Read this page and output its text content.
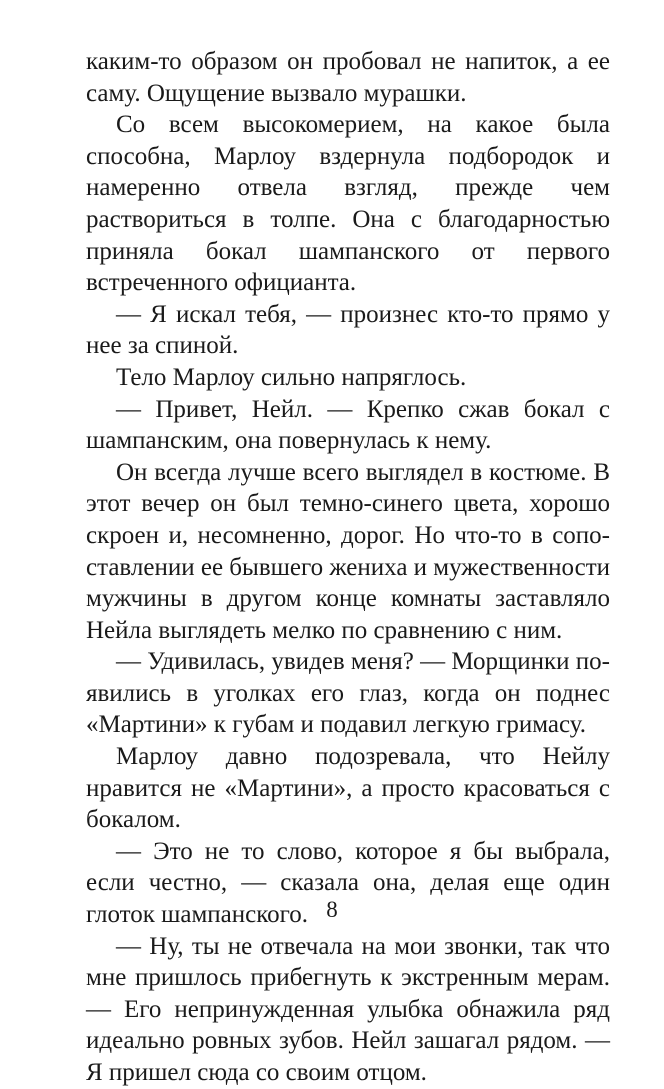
каким-то образом он пробовал не напиток, а ее саму. Ощущение вызвало мурашки.

Со всем высокомерием, на какое была способна, Марлоу вздернула подбородок и намеренно отвела взгляд, прежде чем раствориться в толпе. Она с благодарностью приняла бокал шампанского от первого встреченного официанта.

— Я искал тебя, — произнес кто-то прямо у нее за спиной.

Тело Марлоу сильно напряглось.

— Привет, Нейл. — Крепко сжав бокал с шампанским, она повернулась к нему.

Он всегда лучше всего выглядел в костюме. В этот вечер он был темно-синего цвета, хорошо скроен и, несомненно, дорог. Но что-то в сопоставлении ее бывшего жениха и мужественности мужчины в другом конце комнаты заставляло Нейла выглядеть мелко по сравнению с ним.

— Удивилась, увидев меня? — Морщинки появились в уголках его глаз, когда он поднес «Мартини» к губам и подавил легкую гримасу.

Марлоу давно подозревала, что Нейлу нравится не «Мартини», а просто красоваться с бокалом.

— Это не то слово, которое я бы выбрала, если честно, — сказала она, делая еще один глоток шампанского.

— Ну, ты не отвечала на мои звонки, так что мне пришлось прибегнуть к экстренным мерам. — Его непринужденная улыбка обнажила ряд идеально ровных зубов. Нейл зашагал рядом. — Я пришел сюда со своим отцом.

8
